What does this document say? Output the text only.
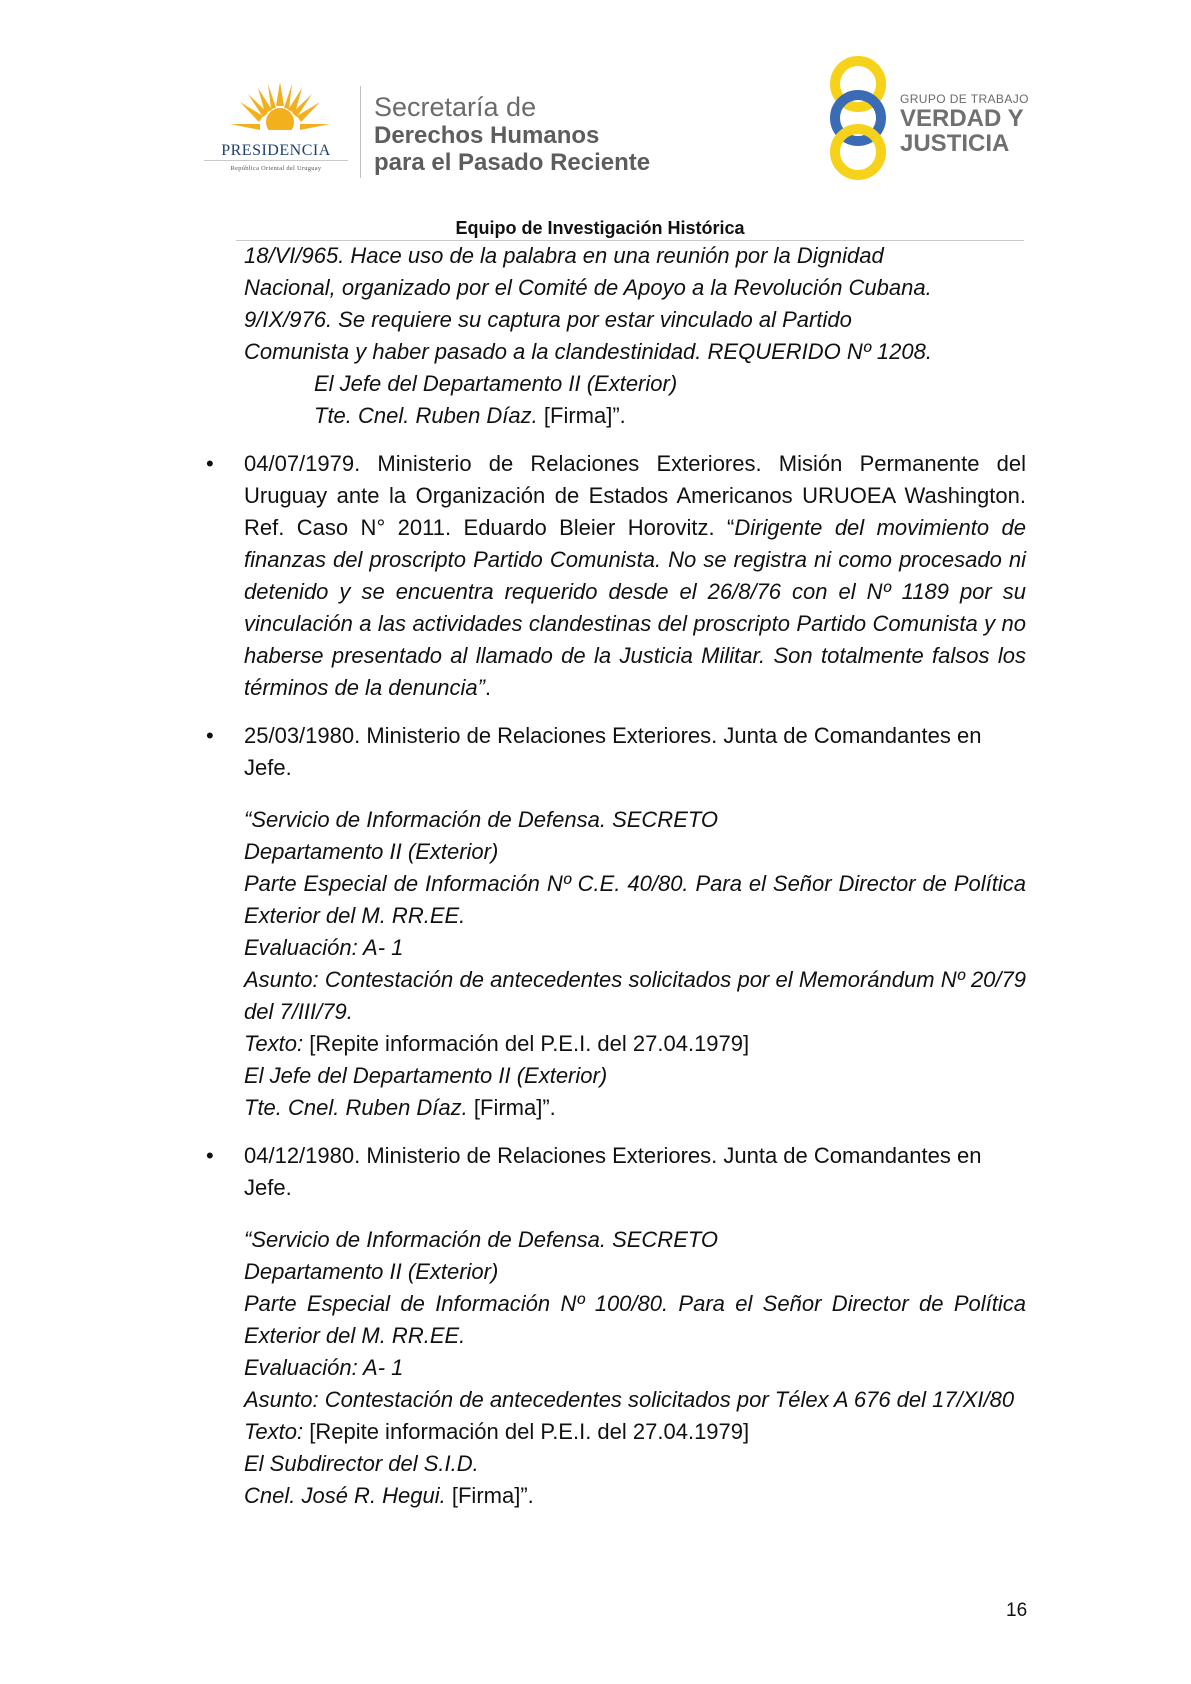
PRESIDENCIA
República Oriental del Uruguay
Secretaría de
Derechos Humanos
para el Pasado Reciente
GRUPO DE TRABAJO
VERDAD Y
JUSTICIA
Equipo de Investigación Histórica

18/VI/965. Hace uso de la palabra en una reunión por la Dignidad

Nacional, organizado por el Comité de Apoyo a la Revolución Cubana.

9/IX/976. Se requiere su captura por estar vinculado al Partido

Comunista y haber pasado a la clandestinidad. REQUERIDO Nº 1208.

El Jefe del Departamento II (Exterior)

Tte. Cnel. Ruben Díaz. [Firma]”.

• 04/07/1979. Ministerio de Relaciones Exteriores. Misión Permanente del Uruguay ante la Organización de Estados Americanos URUOEA Washington. Ref. Caso N° 2011. Eduardo Bleier Horovitz. “Dirigente del movimiento de finanzas del proscripto Partido Comunista. No se registra ni como procesado ni detenido y se encuentra requerido desde el 26/8/76 con el Nº 1189 por su vinculación a las actividades clandestinas del proscripto Partido Comunista y no haberse presentado al llamado de la Justicia Militar. Son totalmente falsos los términos de la denuncia”.

• 25/03/1980. Ministerio de Relaciones Exteriores. Junta de Comandantes en Jefe.

“Servicio de Información de Defensa. SECRETO

Departamento II (Exterior)

Parte Especial de Información Nº C.E. 40/80. Para el Señor Director de Política Exterior del M. RR.EE.

Evaluación: A- 1

Asunto: Contestación de antecedentes solicitados por el Memorándum Nº 20/79 del 7/III/79.

Texto: [Repite información del P.E.I. del 27.04.1979]

El Jefe del Departamento II (Exterior)

Tte. Cnel. Ruben Díaz. [Firma]”.

• 04/12/1980. Ministerio de Relaciones Exteriores. Junta de Comandantes en Jefe.

“Servicio de Información de Defensa. SECRETO

Departamento II (Exterior)

Parte Especial de Información Nº 100/80. Para el Señor Director de Política Exterior del M. RR.EE.

Evaluación: A- 1

Asunto: Contestación de antecedentes solicitados por Télex A 676 del 17/XI/80

Texto: [Repite información del P.E.I. del 27.04.1979]

El Subdirector del S.I.D.

Cnel. José R. Hegui. [Firma]”.

16
